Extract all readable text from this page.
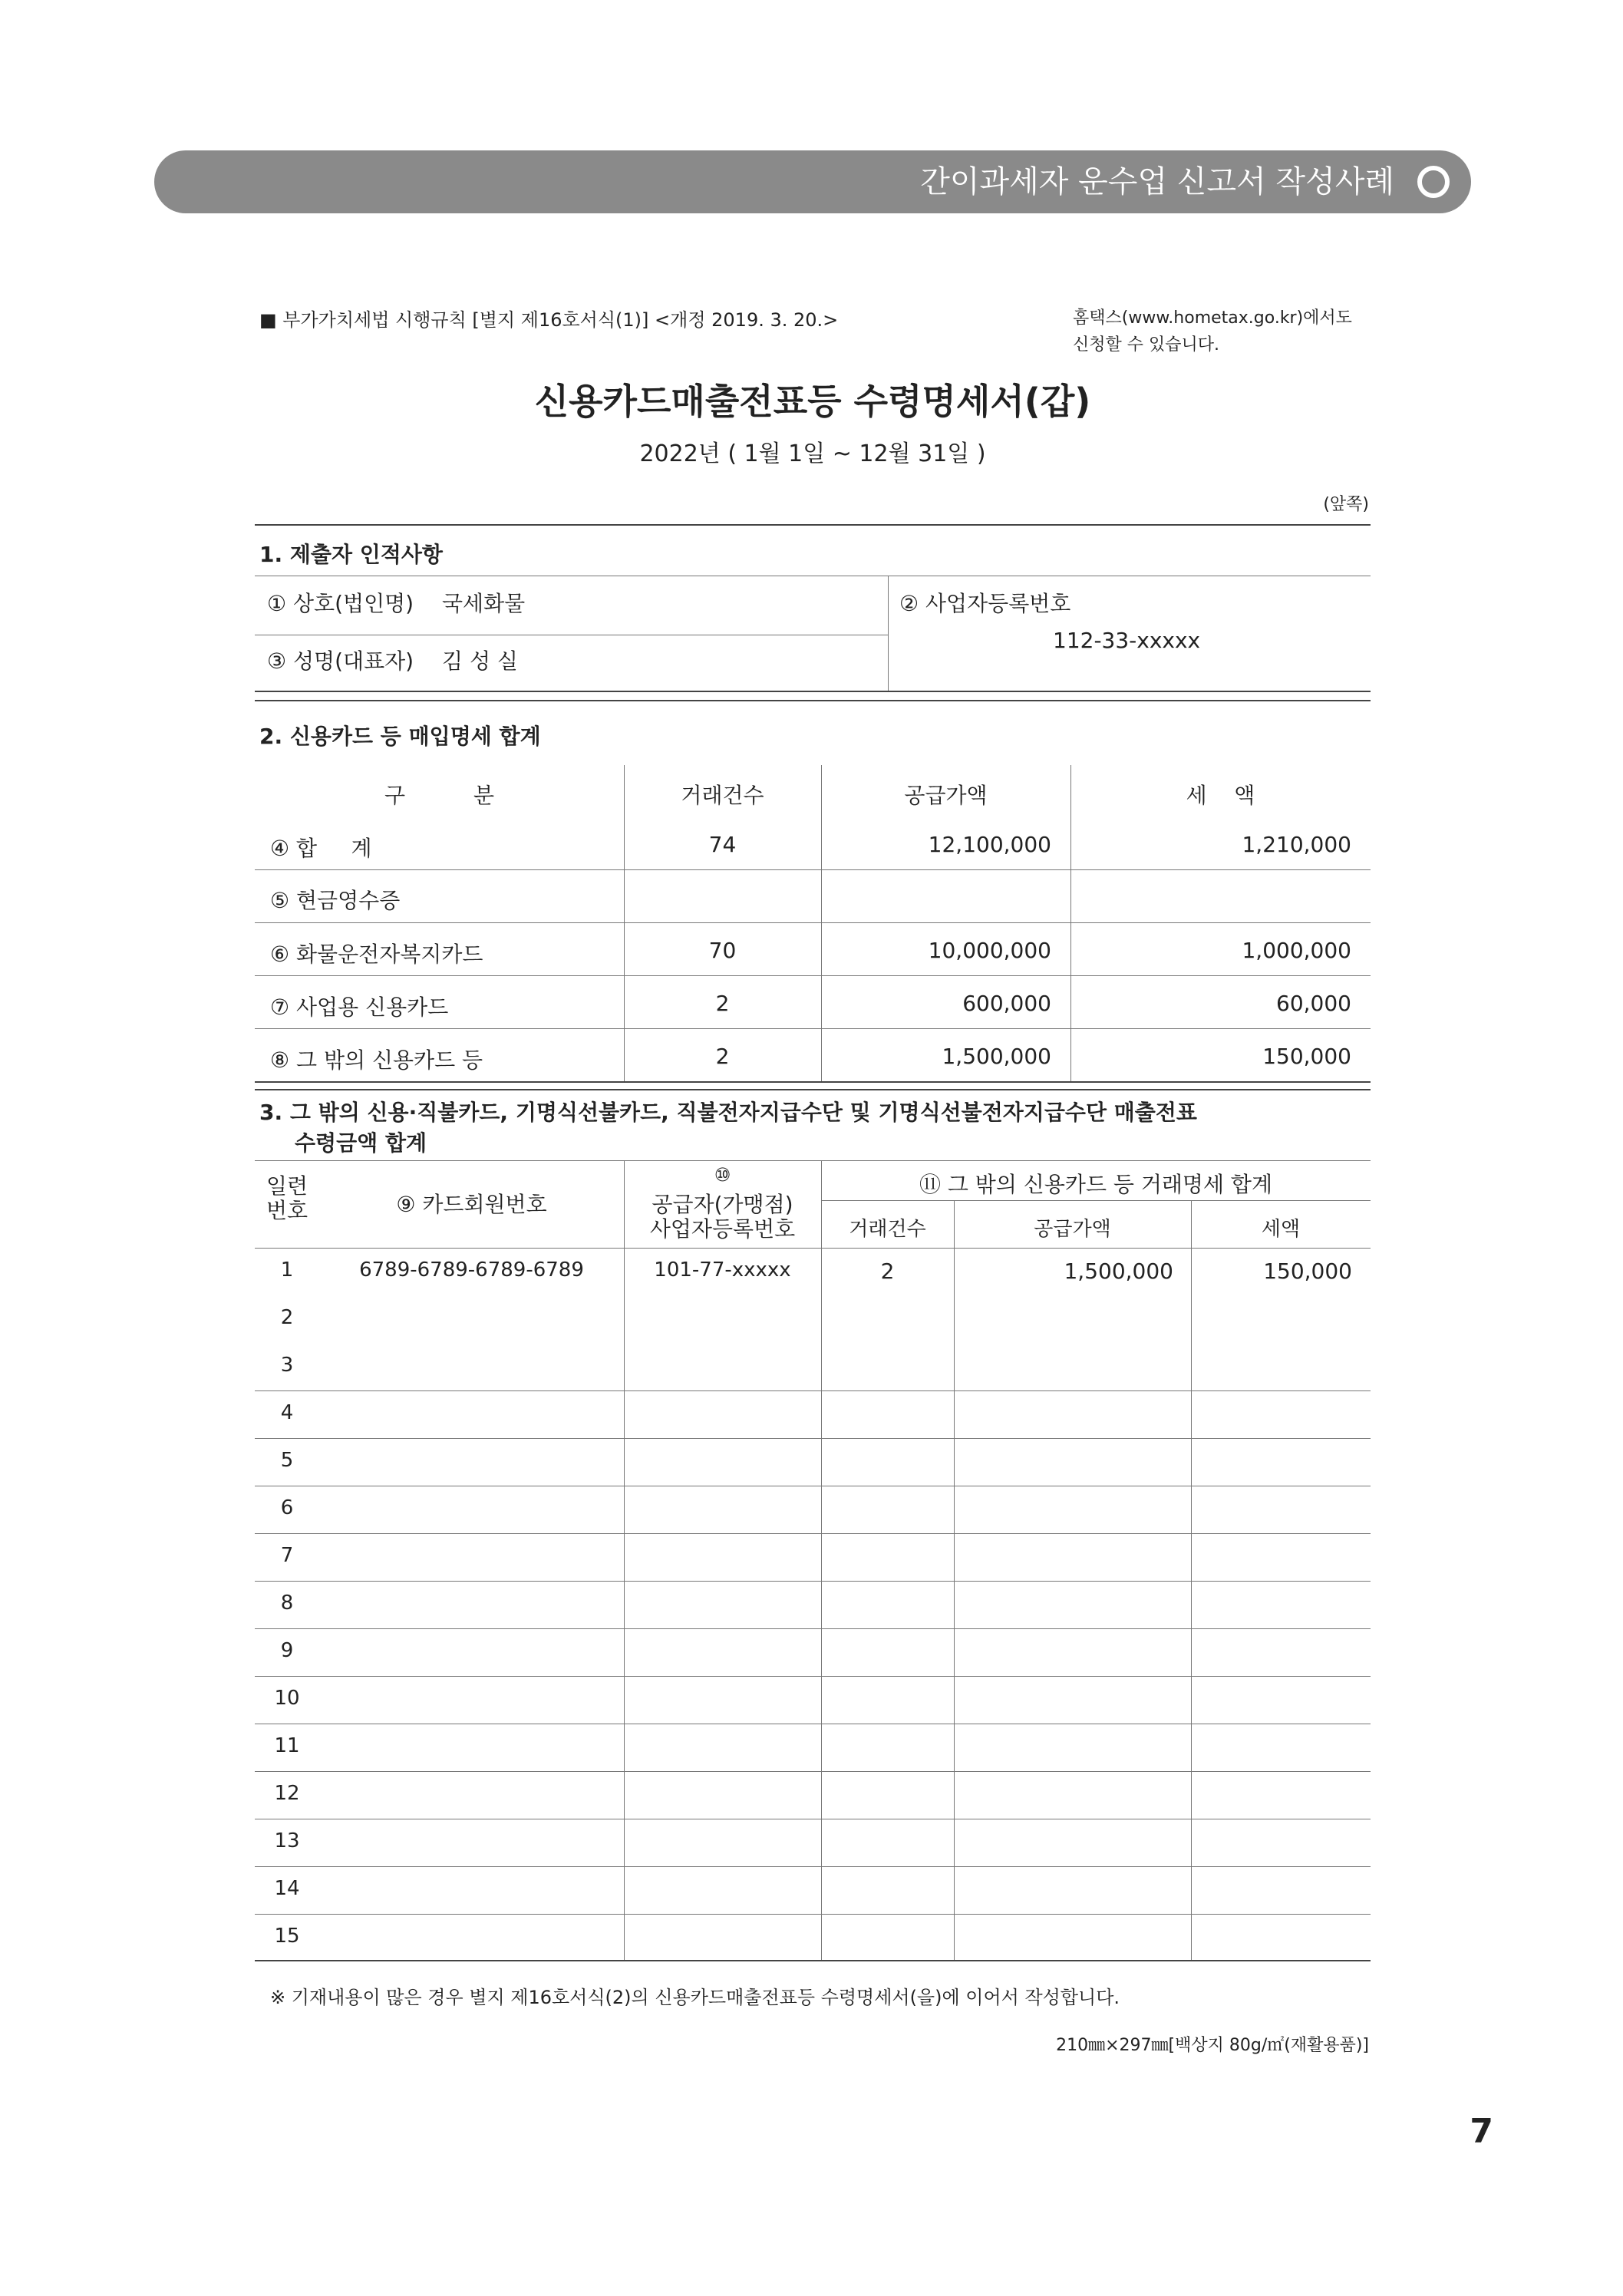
간이과세자 운수업 신고서 작성사례
■ 부가가치세법 시행규칙 [별지 제16호서식(1)] <개정 2019. 3. 20.>	홈택스(www.hometax.go.kr)에서도
신청할 수 있습니다.
신용카드매출전표등 수령명세서(갑)
2022년 ( 1월 1일 ~ 12월 31일 )
(앞쪽)
1. 제출자 인적사항
① 상호(법인명) 국세화물	② 사업자등록번호
112-33-xxxxx
③ 성명(대표자) 김 성 실
2. 신용카드 등 매입명세 합계
구          분	거래건수	공급가액	세    액
④ 합     계	74	12,100,000	1,210,000
⑤ 현금영수증
⑥ 화물운전자복지카드	70	10,000,000	1,000,000
⑦ 사업용 신용카드	2	600,000	60,000
⑧ 그 밖의 신용카드 등	2	1,500,000	150,000
3. 그 밖의 신용·직불카드, 기명식선불카드, 직불전자지급수단 및 기명식선불전자지급수단 매출전표
수령금액 합계
일련
번호	⑨ 카드회원번호
⑩
공급자(가맹점)
사업자등록번호
⑪ 그 밖의 신용카드 등 거래명세 합계
거래건수	공급가액	세액
1	6789-6789-6789-6789	101-77-xxxxx	2	1,500,000	150,000
2
3
4
5
6
7
8
9
10
11
12
13
14
15
※ 기재내용이 많은 경우 별지 제16호서식(2)의 신용카드매출전표등 수령명세서(을)에 이어서 작성합니다.
210㎜×297㎜[백상지 80g/㎡(재활용품)]
7
